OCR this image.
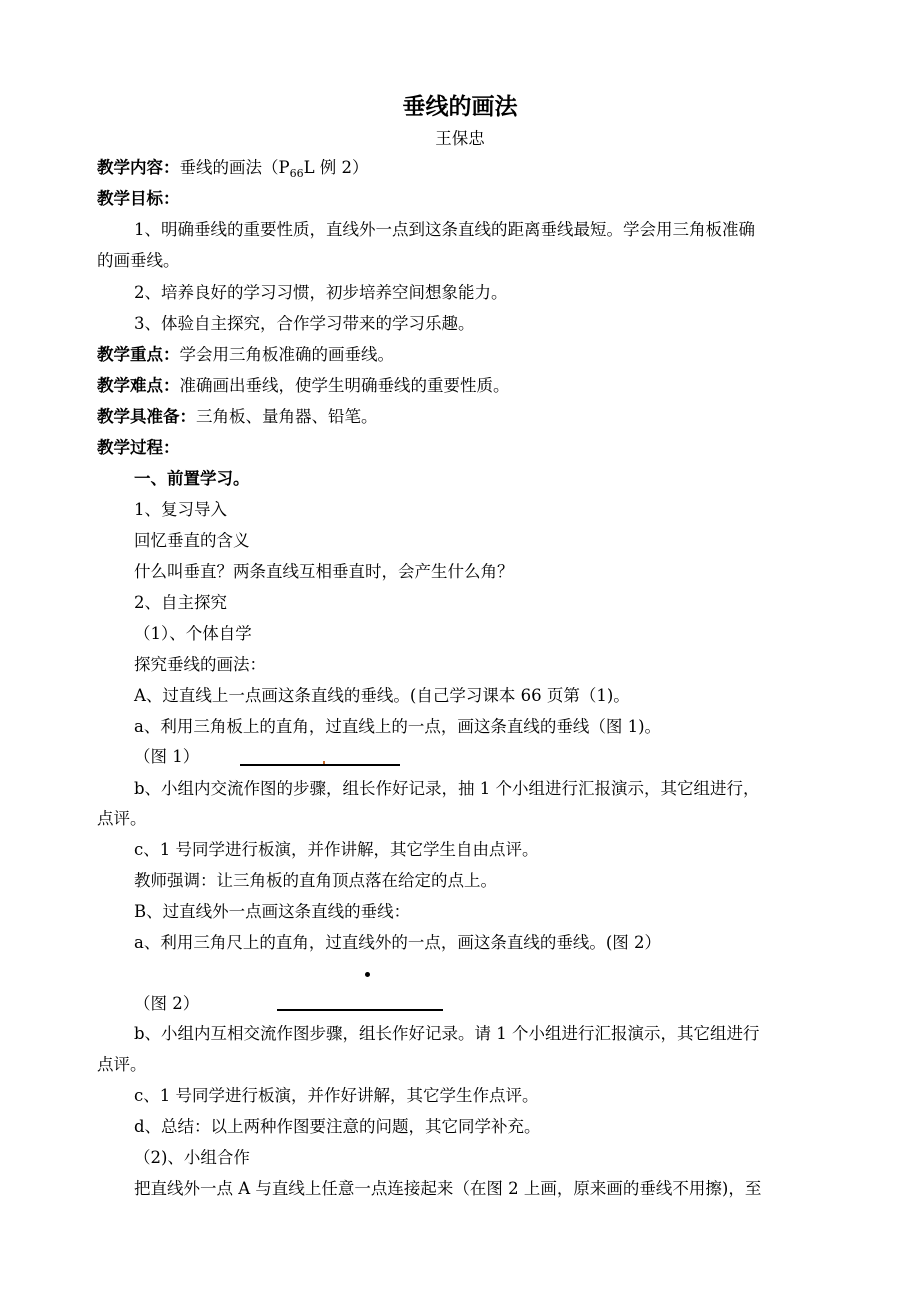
垂线的画法
王保忠
教学内容：垂线的画法（$P_{66}L$ 例 2）
教学目标：
1、明确垂线的重要性质，直线外一点到这条直线的距离垂线最短。学会用三角板准确
的画垂线。
2、培养良好的学习习惯，初步培养空间想象能力。
3、体验自主探究，合作学习带来的学习乐趣。
教学重点：学会用三角板准确的画垂线。
教学难点：准确画出垂线，使学生明确垂线的重要性质。
教学具准备：三角板、量角器、铅笔。
教学过程：
一、前置学习。
1、复习导入
回忆垂直的含义
什么叫垂直？两条直线互相垂直时，会产生什么角？
2、自主探究
（1）、个体自学
探究垂线的画法：
A、过直线上一点画这条直线的垂线。(自己学习课本 66 页第（1)。
a、利用三角板上的直角，过直线上的一点，画这条直线的垂线（图 1)。
（图 1）
b、小组内交流作图的步骤，组长作好记录，抽 1 个小组进行汇报演示，其它组进行，
点评。
c、1 号同学进行板演，并作讲解，其它学生自由点评。
教师强调：让三角板的直角顶点落在给定的点上。
B、过直线外一点画这条直线的垂线：
a、利用三角尺上的直角，过直线外的一点，画这条直线的垂线。(图 2）
（图 2）
b、小组内互相交流作图步骤，组长作好记录。请 1 个小组进行汇报演示，其它组进行
点评。
c、1 号同学进行板演，并作好讲解，其它学生作点评。
d、总结：以上两种作图要注意的问题，其它同学补充。
（2)、小组合作
把直线外一点 A 与直线上任意一点连接起来（在图 2 上画，原来画的垂线不用擦)，至
